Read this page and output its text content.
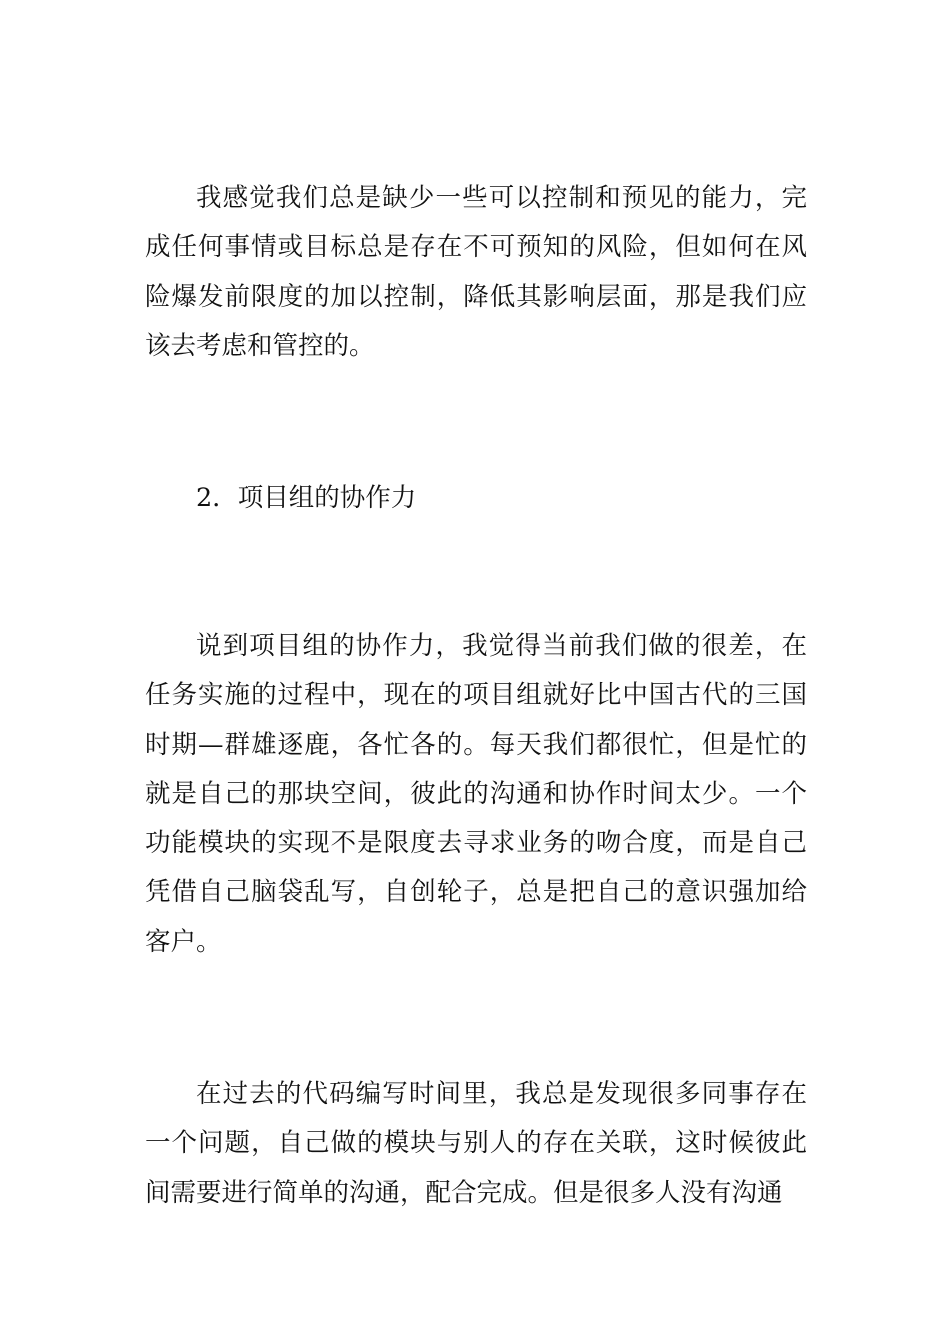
我感觉我们总是缺少一些可以控制和预见的能力，完成任何事情或目标总是存在不可预知的风险，但如何在风险爆发前限度的加以控制，降低其影响层面，那是我们应该去考虑和管控的。

2．项目组的协作力

说到项目组的协作力，我觉得当前我们做的很差，在任务实施的过程中，现在的项目组就好比中国古代的三国时期—群雄逐鹿，各忙各的。每天我们都很忙，但是忙的就是自己的那块空间，彼此的沟通和协作时间太少。一个功能模块的实现不是限度去寻求业务的吻合度，而是自己凭借自己脑袋乱写，自创轮子，总是把自己的意识强加给客户。

在过去的代码编写时间里，我总是发现很多同事存在一个问题，自己做的模块与别人的存在关联，这时候彼此间需要进行简单的沟通，配合完成。但是很多人没有沟通
